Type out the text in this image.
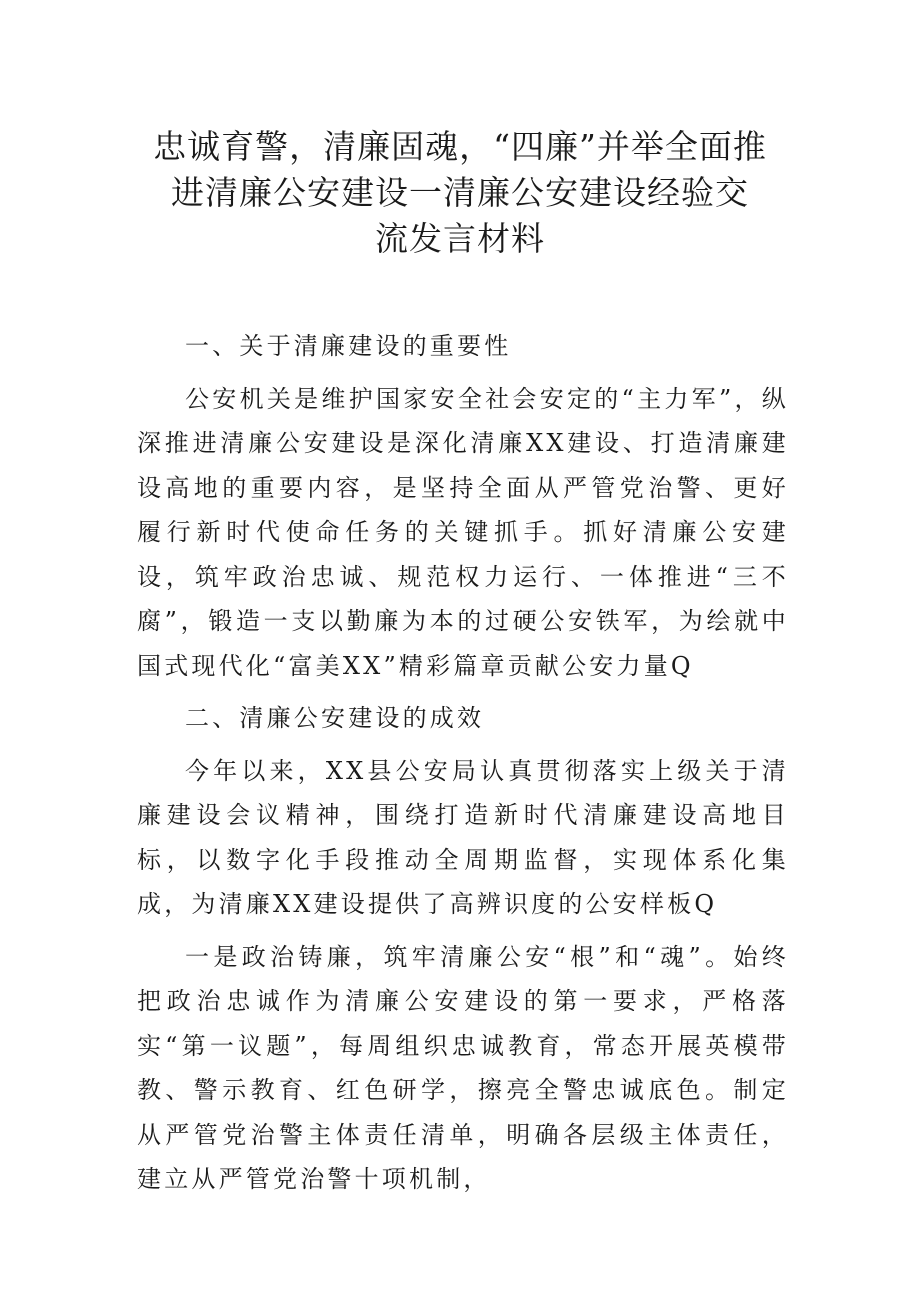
忠诚育警，清廉固魂，“四廉”并举全面推
进清廉公安建设一清廉公安建设经验交
流发言材料

一、关于清廉建设的重要性

公安机关是维护国家安全社会安定的“主力军”，纵深推进清廉公安建设是深化清廉XX建设、打造清廉建设高地的重要内容，是坚持全面从严管党治警、更好履行新时代使命任务的关键抓手。抓好清廉公安建设，筑牢政治忠诚、规范权力运行、一体推进“三不腐”，锻造一支以勤廉为本的过硬公安铁军，为绘就中国式现代化“富美XX”精彩篇章贡献公安力量Q

二、清廉公安建设的成效

今年以来，XX县公安局认真贯彻落实上级关于清廉建设会议精神，围绕打造新时代清廉建设高地目标，以数字化手段推动全周期监督，实现体系化集成，为清廉XX建设提供了高辨识度的公安样板Q

一是政治铸廉，筑牢清廉公安“根”和“魂”。始终把政治忠诚作为清廉公安建设的第一要求，严格落实“第一议题”，每周组织忠诚教育，常态开展英模带教、警示教育、红色研学，擦亮全警忠诚底色。制定从严管党治警主体责任清单，明确各层级主体责任，建立从严管党治警十项机制，
